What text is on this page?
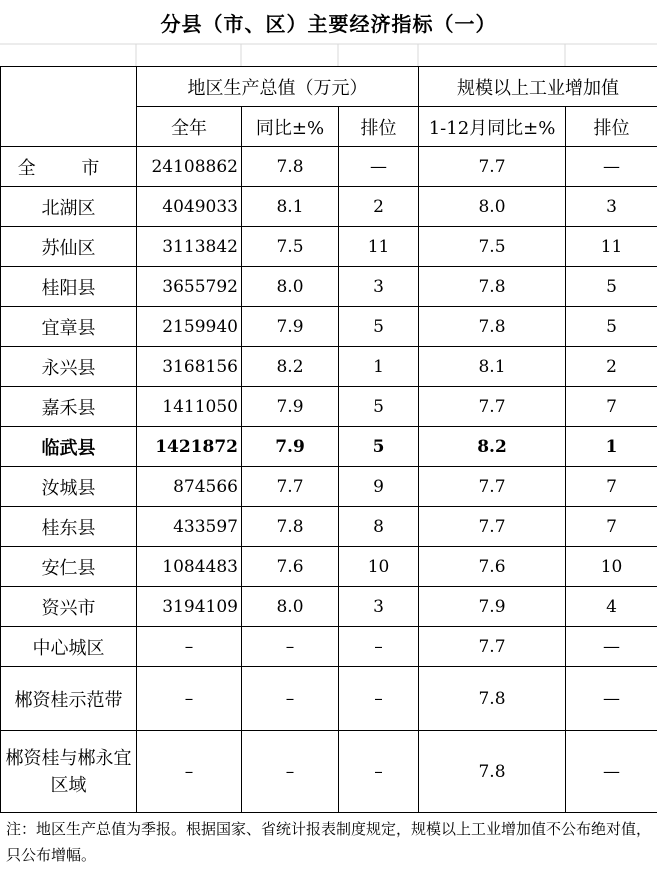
分县（市、区）主要经济指标（一）
	地区生产总值（万元）			规模以上工业增加值	
	全年	同比±%	排位	1-12月同比±%	排位
全 市	24108862	7.8	—	7.7	—
北湖区	4049033	8.1	2	8.0	3
苏仙区	3113842	7.5	11	7.5	11
桂阳县	3655792	8.0	3	7.8	5
宜章县	2159940	7.9	5	7.8	5
永兴县	3168156	8.2	1	8.1	2
嘉禾县	1411050	7.9	5	7.7	7
临武县	1421872	7.9	5	8.2	1
汝城县	874566	7.7	9	7.7	7
桂东县	433597	7.8	8	7.7	7
安仁县	1084483	7.6	10	7.6	10
资兴市	3194109	8.0	3	7.9	4
中心城区	–	–	–	7.7	—
郴资桂示范带	–	–	–	7.8	—
郴资桂与郴永宜区域	–	–	–	7.8	—
注：地区生产总值为季报。根据国家、省统计报表制度规定，规模以上工业增加值不公布绝对值，只公布增幅。
